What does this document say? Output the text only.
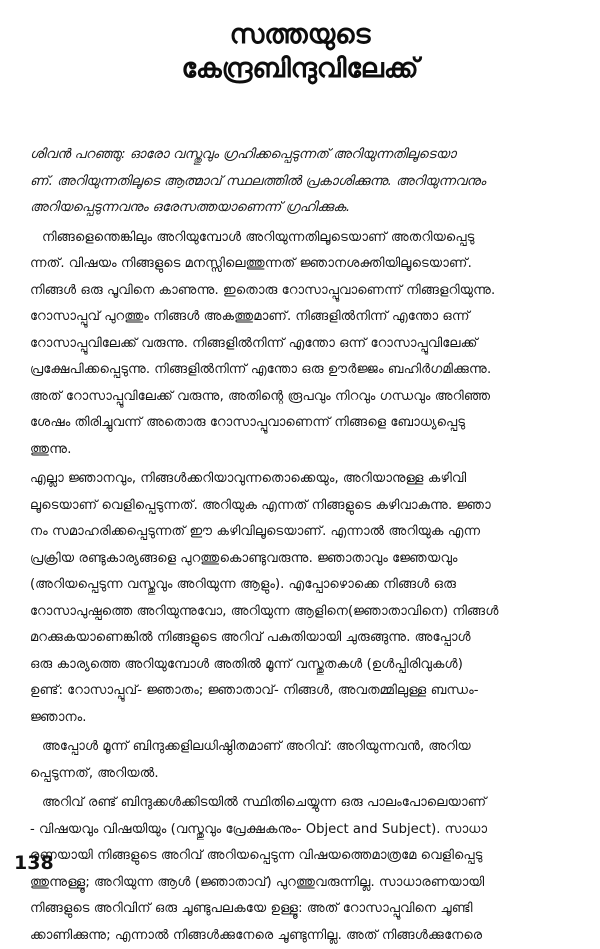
സത്തയുടെ
കേന്ദ്രബിന്ദുവിലേക്ക്
ശിവൻ പറഞ്ഞു: ഓരോ വസ്തുവും ഗ്രഹിക്കപ്പെടുന്നത് അറിയുന്നതിലൂടെയാ
ണ്. അറിയുന്നതിലൂടെ ആത്മാവ് സ്ഥലത്തിൽ പ്രകാശിക്കുന്നു. അറിയുന്നവനും
അറിയപ്പെടുന്നവനും ഒരേസത്തയാണെന്ന് ഗ്രഹിക്കുക.
നിങ്ങളെന്തെങ്കിലും അറിയുമ്പോൾ അറിയുന്നതിലൂടെയാണ് അതറിയപ്പെടു
ന്നത്. വിഷയം നിങ്ങളുടെ മനസ്സിലെത്തുന്നത് ജ്ഞാനശക്തിയിലൂടെയാണ്.
നിങ്ങൾ ഒരു പൂവിനെ കാണുന്നു. ഇതൊരു റോസാപ്പൂവാണെന്ന് നിങ്ങളറിയുന്നു.
റോസാപ്പൂവ് പുറത്തും നിങ്ങൾ അകത്തുമാണ്. നിങ്ങളിൽനിന്ന് എന്തോ ഒന്ന്
റോസാപ്പൂവിലേക്ക് വരുന്നു. നിങ്ങളിൽനിന്ന് എന്തോ ഒന്ന് റോസാപ്പൂവിലേക്ക്
പ്രക്ഷേപിക്കപ്പെടുന്നു. നിങ്ങളിൽനിന്ന് എന്തോ ഒരു ഊർജ്ജം ബഹിർഗമിക്കുന്നു.
അത് റോസാപ്പൂവിലേക്ക് വരുന്നു, അതിന്റെ രൂപവും നിറവും ഗന്ധവും അറിഞ്ഞ
ശേഷം തിരിച്ചുവന്ന് അതൊരു റോസാപ്പൂവാണെന്ന് നിങ്ങളെ ബോധ്യപ്പെടു
ത്തുന്നു.
എല്ലാ ജ്ഞാനവും, നിങ്ങൾക്കറിയാവുന്നതൊക്കെയും, അറിയാനുള്ള കഴിവി
ലൂടെയാണ് വെളിപ്പെടുന്നത്. അറിയുക എന്നത് നിങ്ങളുടെ കഴിവാകുന്നു. ജ്ഞാ
നം സമാഹരിക്കപ്പെടുന്നത് ഈ കഴിവിലൂടെയാണ്. എന്നാൽ അറിയുക എന്ന
പ്രക്രിയ രണ്ടുകാര്യങ്ങളെ പുറത്തുകൊണ്ടുവരുന്നു. ജ്ഞാതാവും ജ്ഞേയവും
(അറിയപ്പെടുന്ന വസ്തുവും അറിയുന്ന ആളും). എപ്പോഴൊക്കെ നിങ്ങൾ ഒരു
റോസാപുഷ്പത്തെ അറിയുന്നുവോ, അറിയുന്ന ആളിനെ(ജ്ഞാതാവിനെ) നിങ്ങൾ
മറക്കുകയാണെങ്കിൽ നിങ്ങളുടെ അറിവ് പകുതിയായി ചുരുങ്ങുന്നു. അപ്പോൾ
ഒരു കാര്യത്തെ അറിയുമ്പോൾ അതിൽ മൂന്ന് വസ്തുതകൾ (ഉൾപ്പിരിവുകൾ)
ഉണ്ട്: റോസാപ്പൂവ്- ജ്ഞാതം; ജ്ഞാതാവ്- നിങ്ങൾ, അവതമ്മിലുള്ള ബന്ധം-
ജ്ഞാനം.
അപ്പോൾ മൂന്ന് ബിന്ദുക്കളിലധിഷ്ഠിതമാണ് അറിവ്: അറിയുന്നവൻ, അറിയ
പ്പെടുന്നത്, അറിയൽ.
അറിവ് രണ്ട് ബിന്ദുക്കൾക്കിടയിൽ സ്ഥിതിചെയ്യുന്ന ഒരു പാലംപോലെയാണ്
- വിഷയവും വിഷയിയും (വസ്തുവും പ്രേക്ഷകനും- Object and Subject). സാധാ
രണയായി നിങ്ങളുടെ അറിവ് അറിയപ്പെടുന്ന വിഷയത്തെമാത്രമേ വെളിപ്പെടു
ത്തുന്നുള്ളൂ; അറിയുന്ന ആൾ (ജ്ഞാതാവ്) പുറത്തുവരുന്നില്ല. സാധാരണയായി
നിങ്ങളുടെ അറിവിന് ഒരു ചൂണ്ടുപലകയേ ഉള്ളൂ: അത് റോസാപ്പൂവിനെ ചൂണ്ടി
ക്കാണിക്കുന്നു; എന്നാൽ നിങ്ങൾക്കുനേരെ ചൂണ്ടുന്നില്ല. അത് നിങ്ങൾക്കുനേരെ
138
